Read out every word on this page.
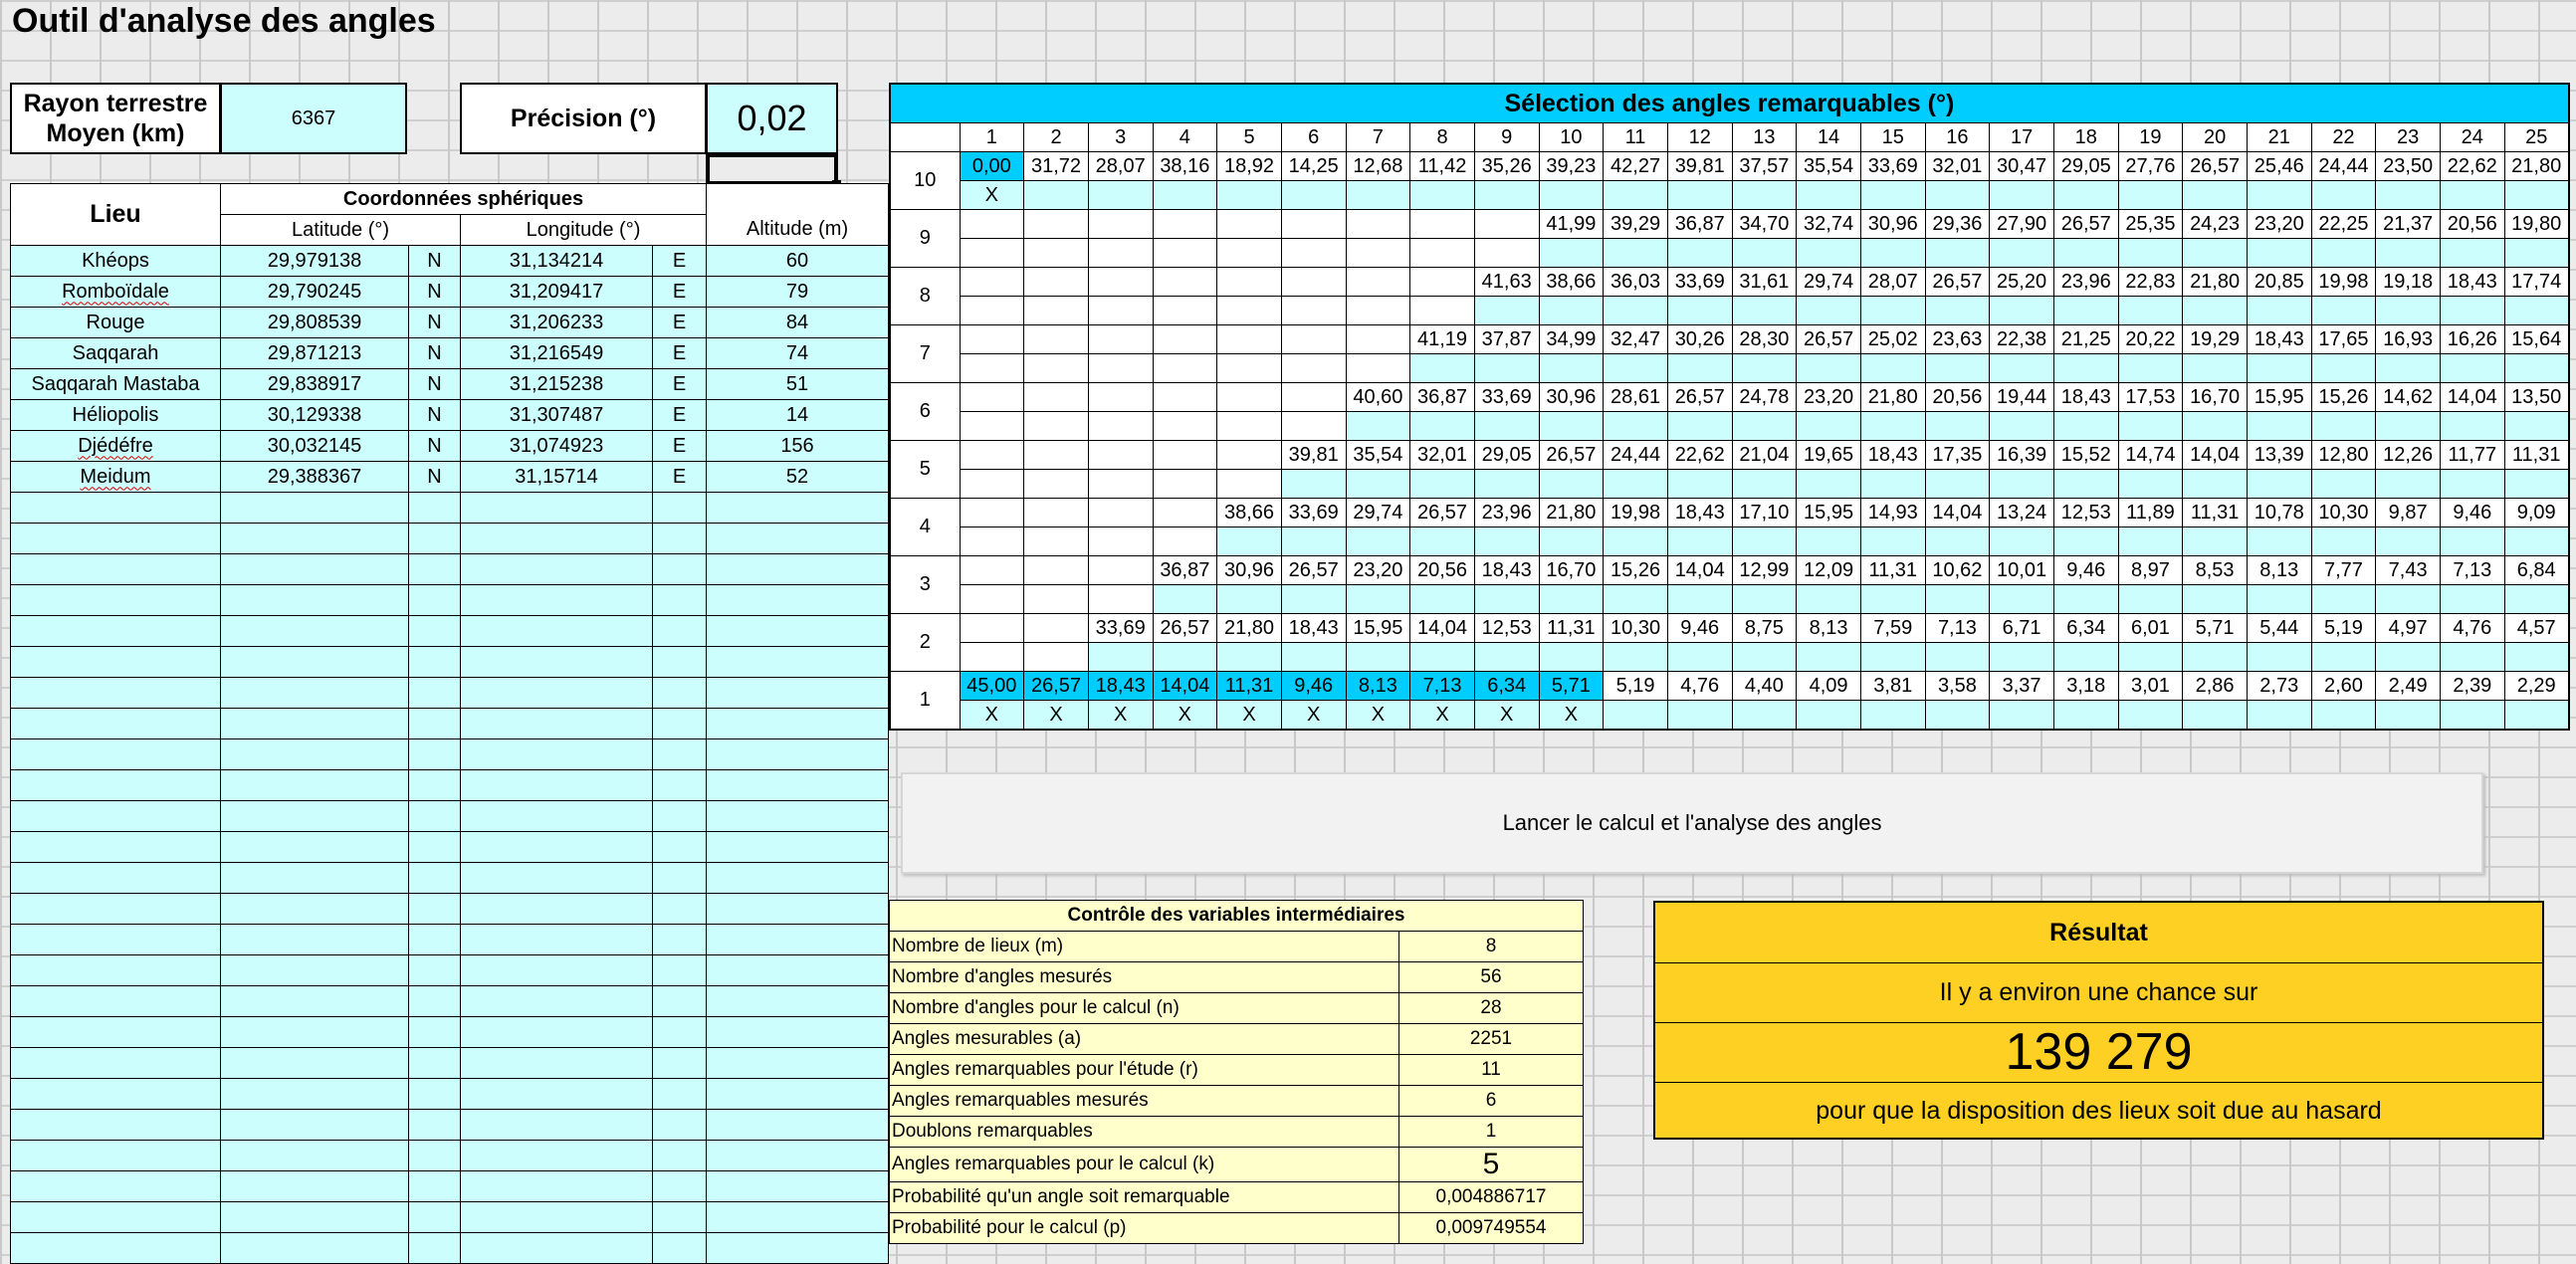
Outil d'analyse des angles
Rayon terrestre
Moyen (km)
6367	Précision (°) 0,02
Lieu	Coordonnées sphériques				
	Latitude (°)		Longitude (°)		Altitude (m)
Khéops	29,979138	N	31,134214	E	60
Romboïdale	29,790245	N	31,209417	E	79
Rouge	29,808539	N	31,206233	E	84
Saqqarah	29,871213	N	31,216549	E	74
Saqqarah Mastaba	29,838917	N	31,215238	E	51
Héliopolis	30,129338	N	31,307487	E	14
Djédéfre	30,032145	N	31,074923	E	156
Meidum	29,388367	N	31,15714	E	52

Sélection des angles remarquables (°)																									
	1	2	3	4	5	6	7	8	9	10	11	12	13	14	15	16	17	18	19	20	21	22	23	24	25
10	0,00	31,72	28,07	38,16	18,92	14,25	12,68	11,42	35,26	39,23	42,27	39,81	37,57	35,54	33,69	32,01	30,47	29,05	27,76	26,57	25,46	24,44	23,50	22,62	21,80
	X																								
9										41,99	39,29	36,87	34,70	32,74	30,96	29,36	27,90	26,57	25,35	24,23	23,20	22,25	21,37	20,56	19,80

8									41,63	38,66	36,03	33,69	31,61	29,74	28,07	26,57	25,20	23,96	22,83	21,80	20,85	19,98	19,18	18,43	17,74

7								41,19	37,87	34,99	32,47	30,26	28,30	26,57	25,02	23,63	22,38	21,25	20,22	19,29	18,43	17,65	16,93	16,26	15,64

6							40,60	36,87	33,69	30,96	28,61	26,57	24,78	23,20	21,80	20,56	19,44	18,43	17,53	16,70	15,95	15,26	14,62	14,04	13,50

5						39,81	35,54	32,01	29,05	26,57	24,44	22,62	21,04	19,65	18,43	17,35	16,39	15,52	14,74	14,04	13,39	12,80	12,26	11,77	11,31

4					38,66	33,69	29,74	26,57	23,96	21,80	19,98	18,43	17,10	15,95	14,93	14,04	13,24	12,53	11,89	11,31	10,78	10,30	9,87	9,46	9,09

3				36,87	30,96	26,57	23,20	20,56	18,43	16,70	15,26	14,04	12,99	12,09	11,31	10,62	10,01	9,46	8,97	8,53	8,13	7,77	7,43	7,13	6,84

2			33,69	26,57	21,80	18,43	15,95	14,04	12,53	11,31	10,30	9,46	8,75	8,13	7,59	7,13	6,71	6,34	6,01	5,71	5,44	5,19	4,97	4,76	4,57

1	45,00	26,57	18,43	14,04	11,31	9,46	8,13	7,13	6,34	5,71	5,19	4,76	4,40	4,09	3,81	3,58	3,37	3,18	3,01	2,86	2,73	2,60	2,49	2,39	2,29
	X	X	X	X	X	X	X	X	X	X															
Lancer le calcul et l'analyse des angles
Contrôle des variables intermédiaires	
Nombre de lieux (m)	8
Nombre d'angles mesurés	56
Nombre d'angles pour le calcul (n)	28
Angles mesurables (a)	2251
Angles remarquables pour l'étude (r)	11
Angles remarquables mesurés	6
Doublons remarquables	1
Angles remarquables pour le calcul (k)	5
Probabilité qu'un angle soit remarquable	0,004886717
Probabilité pour le calcul (p)	0,009749554
Résultat
Il y a environ une chance sur
139 279
pour que la disposition des lieux soit due au hasard
